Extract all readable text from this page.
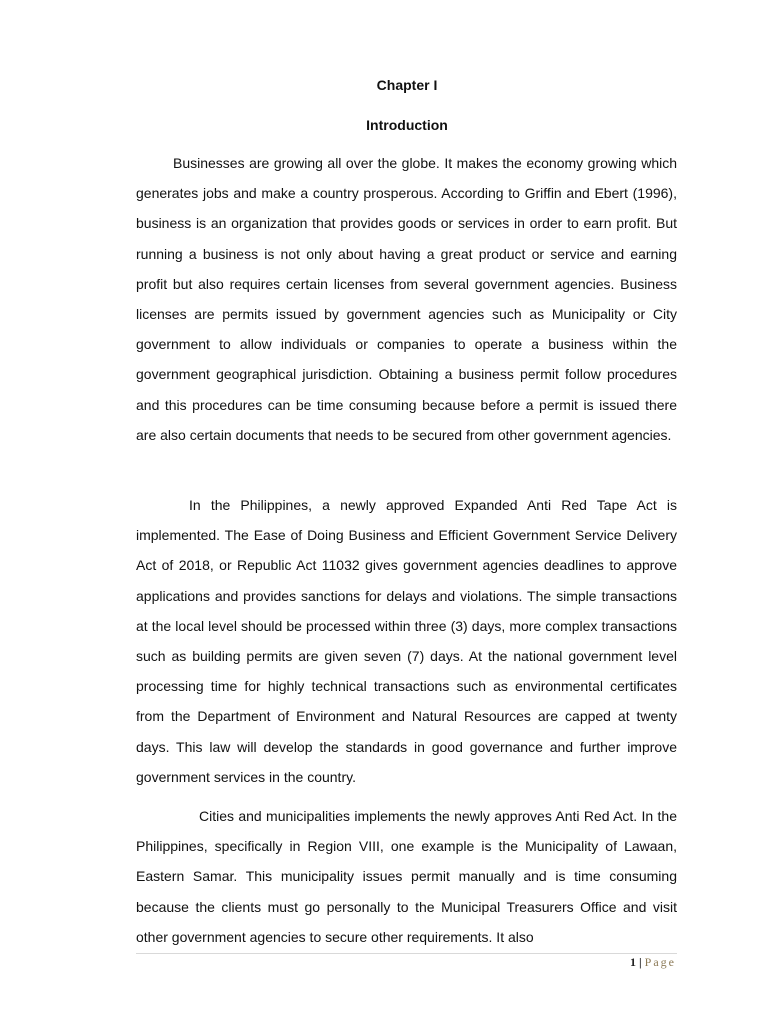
Chapter I
Introduction

Businesses are growing all over the globe. It makes the economy growing which generates jobs and make a country prosperous. According to Griffin and Ebert (1996), business is an organization that provides goods or services in order to earn profit. But running a business is not only about having a great product or service and earning profit but also requires certain licenses from several government agencies. Business licenses are permits issued by government agencies such as Municipality or City government to allow individuals or companies to operate a business within the government geographical jurisdiction. Obtaining a business permit follow procedures and this procedures can be time consuming because before a permit is issued there are also certain documents that needs to be secured from other government agencies.

In the Philippines, a newly approved Expanded Anti Red Tape Act is implemented. The Ease of Doing Business and Efficient Government Service Delivery Act of 2018, or Republic Act 11032 gives government agencies deadlines to approve applications and provides sanctions for delays and violations. The simple transactions at the local level should be processed within three (3) days, more complex transactions such as building permits are given seven (7) days. At the national government level processing time for highly technical transactions such as environmental certificates from the Department of Environment and Natural Resources are capped at twenty days. This law will develop the standards in good governance and further improve government services in the country.

Cities and municipalities implements the newly approves Anti Red Act. In the Philippines, specifically in Region VIII, one example is the Municipality of Lawaan, Eastern Samar. This municipality issues permit manually and is time consuming because the clients must go personally to the Municipal Treasurers Office and visit other government agencies to secure other requirements. It also

1 | Page
